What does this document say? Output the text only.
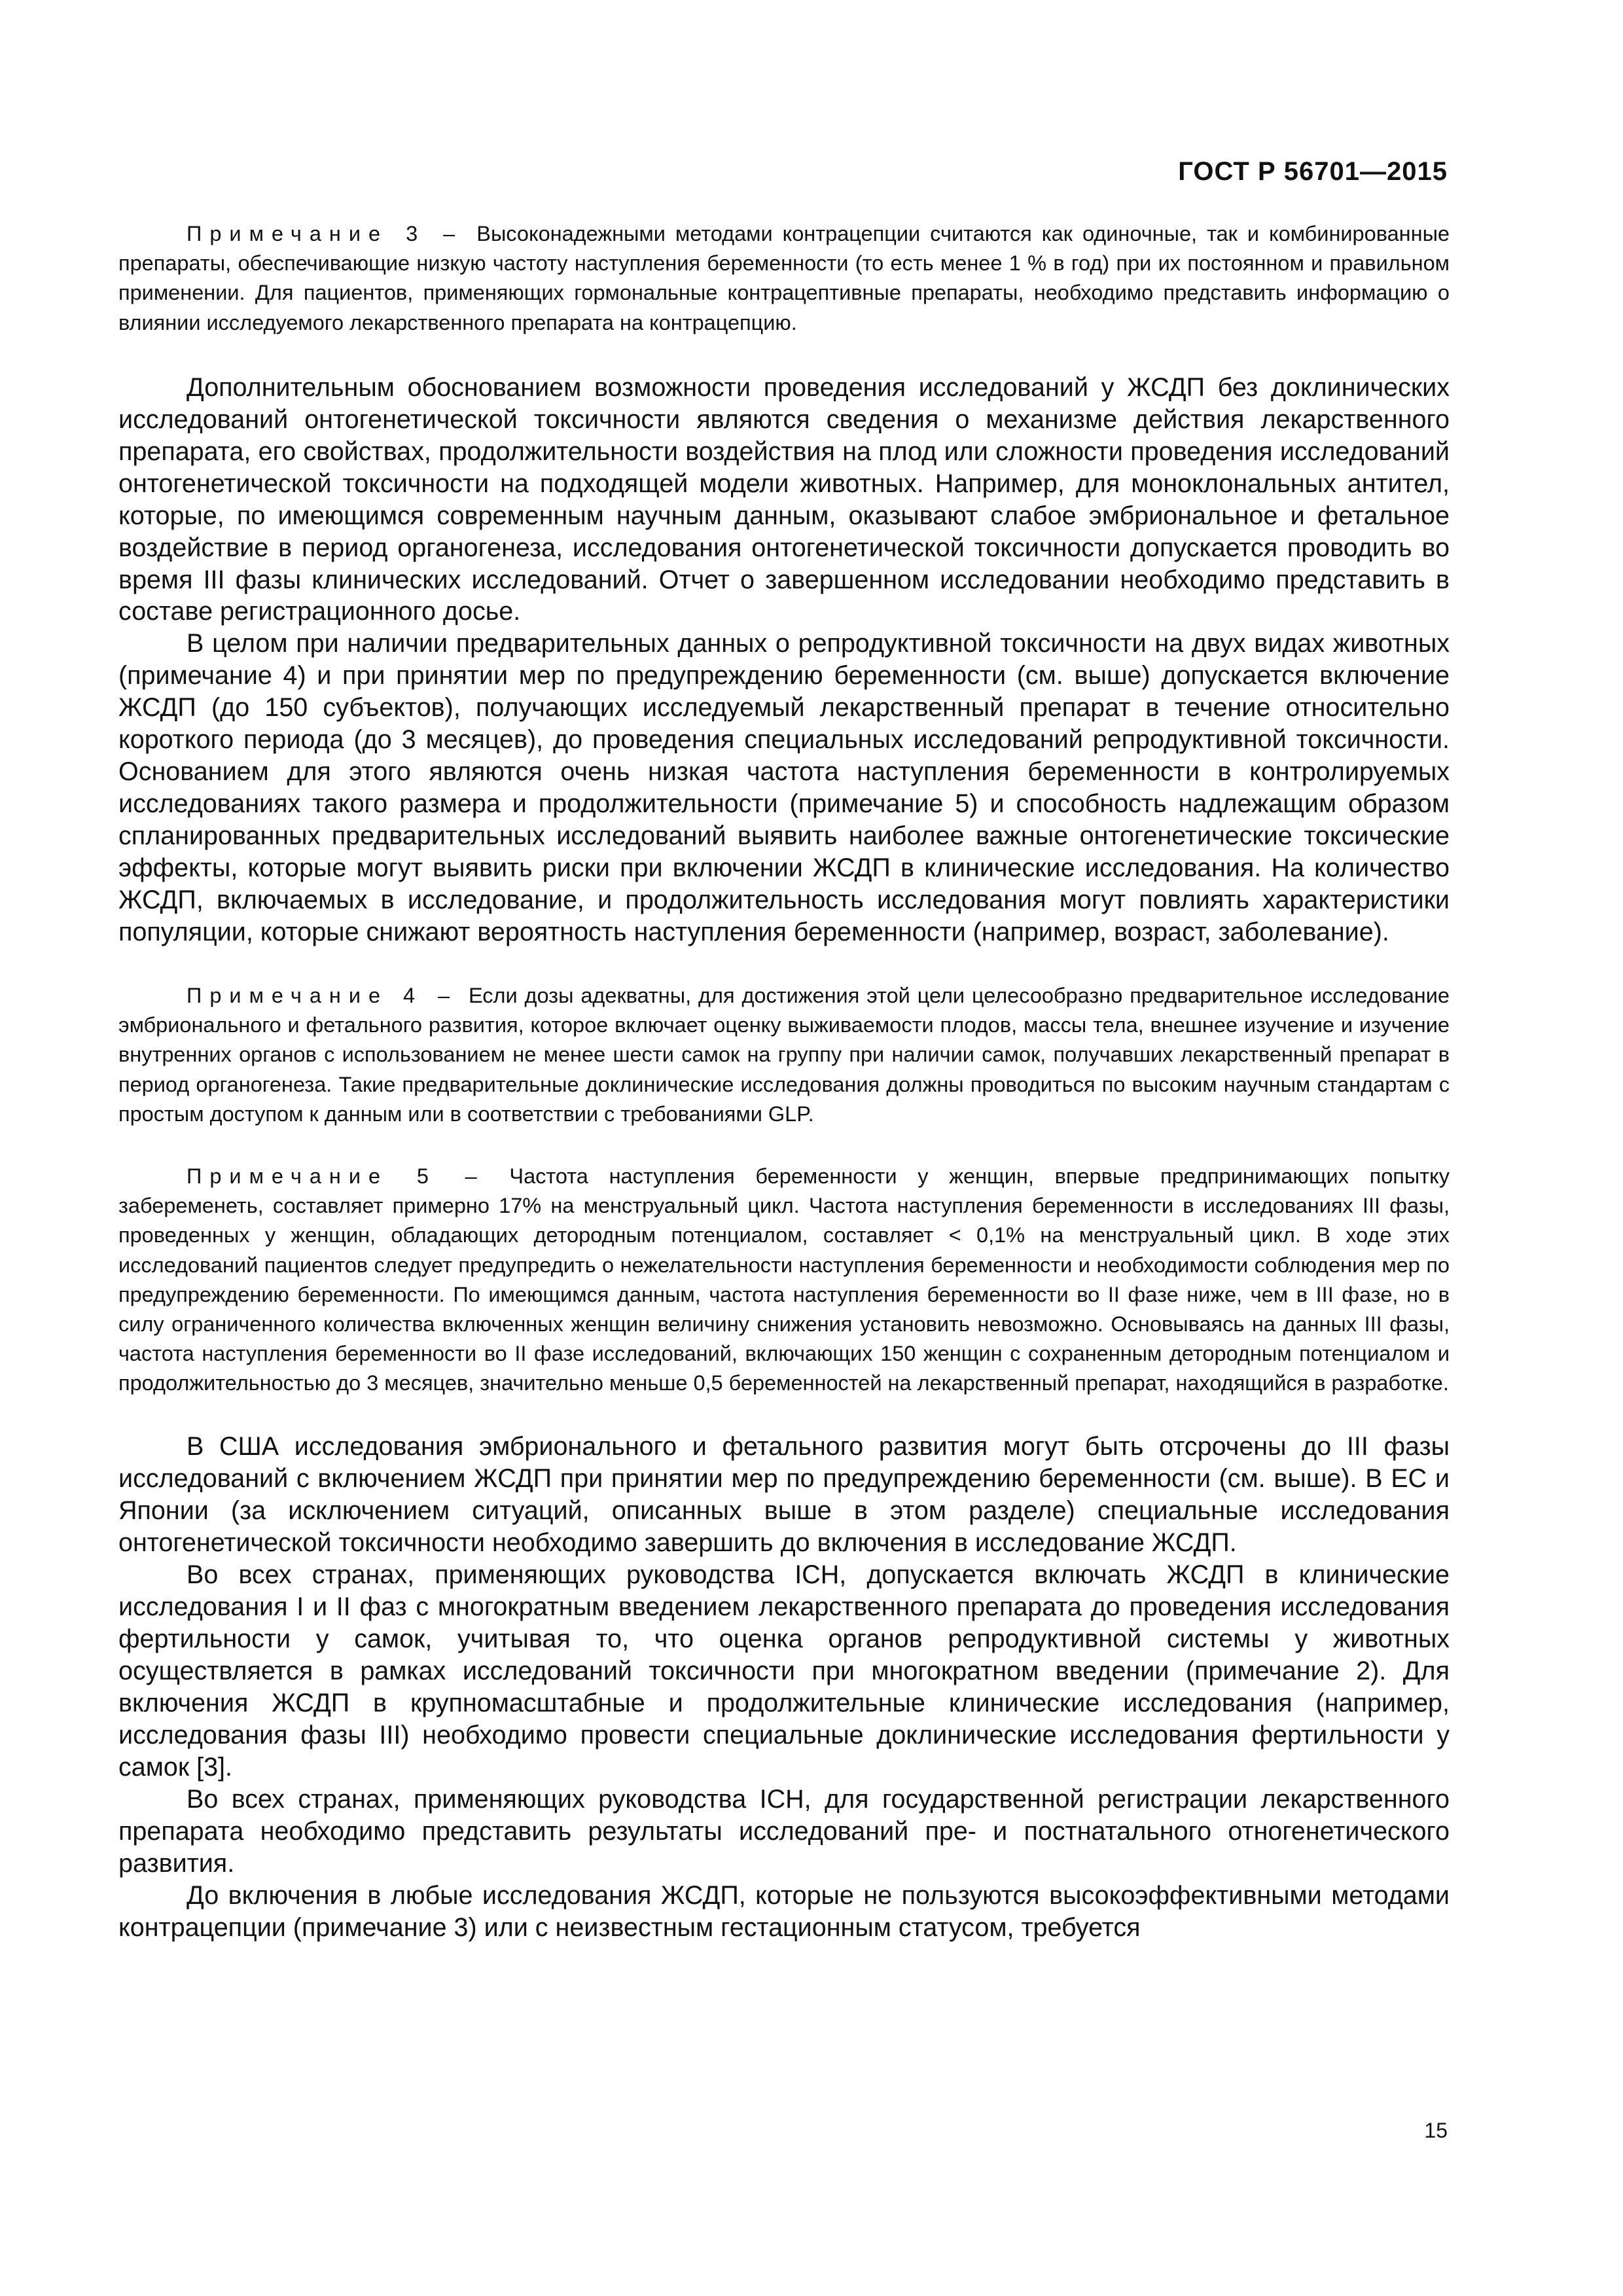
ГОСТ Р 56701—2015

Примечание 3 – Высоконадежными методами контрацепции считаются как одиночные, так и комбинированные препараты, обеспечивающие низкую частоту наступления беременности (то есть менее 1 % в год) при их постоянном и правильном применении. Для пациентов, применяющих гормональные контрацептивные препараты, необходимо представить информацию о влиянии исследуемого лекарственного препарата на контрацепцию.

Дополнительным обоснованием возможности проведения исследований у ЖСДП без доклинических исследований онтогенетической токсичности являются сведения о механизме действия лекарственного препарата, его свойствах, продолжительности воздействия на плод или сложности проведения исследований онтогенетической токсичности на подходящей модели животных. Например, для моноклональных антител, которые, по имеющимся современным научным данным, оказывают слабое эмбриональное и фетальное воздействие в период органогенеза, исследования онтогенетической токсичности допускается проводить во время III фазы клинических исследований. Отчет о завершенном исследовании необходимо представить в составе регистрационного досье.

В целом при наличии предварительных данных о репродуктивной токсичности на двух видах животных (примечание 4) и при принятии мер по предупреждению беременности (см. выше) допускается включение ЖСДП (до 150 субъектов), получающих исследуемый лекарственный препарат в течение относительно короткого периода (до 3 месяцев), до проведения специальных исследований репродуктивной токсичности. Основанием для этого являются очень низкая частота наступления беременности в контролируемых исследованиях такого размера и продолжительности (примечание 5) и способность надлежащим образом спланированных предварительных исследований выявить наиболее важные онтогенетические токсические эффекты, которые могут выявить риски при включении ЖСДП в клинические исследования. На количество ЖСДП, включаемых в исследование, и продолжительность исследования могут повлиять характеристики популяции, которые снижают вероятность наступления беременности (например, возраст, заболевание).

Примечание 4 – Если дозы адекватны, для достижения этой цели целесообразно предварительное исследование эмбрионального и фетального развития, которое включает оценку выживаемости плодов, массы тела, внешнее изучение и изучение внутренних органов с использованием не менее шести самок на группу при наличии самок, получавших лекарственный препарат в период органогенеза. Такие предварительные доклинические исследования должны проводиться по высоким научным стандартам с простым доступом к данным или в соответствии с требованиями GLP.

Примечание 5 – Частота наступления беременности у женщин, впервые предпринимающих попытку забеременеть, составляет примерно 17% на менструальный цикл. Частота наступления беременности в исследованиях III фазы, проведенных у женщин, обладающих детородным потенциалом, составляет < 0,1% на менструальный цикл. В ходе этих исследований пациентов следует предупредить о нежелательности наступления беременности и необходимости соблюдения мер по предупреждению беременности. По имеющимся данным, частота наступления беременности во II фазе ниже, чем в III фазе, но в силу ограниченного количества включенных женщин величину снижения установить невозможно. Основываясь на данных III фазы, частота наступления беременности во II фазе исследований, включающих 150 женщин с сохраненным детородным потенциалом и продолжительностью до 3 месяцев, значительно меньше 0,5 беременностей на лекарственный препарат, находящийся в разработке.

В США исследования эмбрионального и фетального развития могут быть отсрочены до III фазы исследований с включением ЖСДП при принятии мер по предупреждению беременности (см. выше). В ЕС и Японии (за исключением ситуаций, описанных выше в этом разделе) специальные исследования онтогенетической токсичности необходимо завершить до включения в исследование ЖСДП.

Во всех странах, применяющих руководства ICH, допускается включать ЖСДП в клинические исследования I и II фаз с многократным введением лекарственного препарата до проведения исследования фертильности у самок, учитывая то, что оценка органов репродуктивной системы у животных осуществляется в рамках исследований токсичности при многократном введении (примечание 2). Для включения ЖСДП в крупномасштабные и продолжительные клинические исследования (например, исследования фазы III) необходимо провести специальные доклинические исследования фертильности у самок [3].

Во всех странах, применяющих руководства ICH, для государственной регистрации лекарственного препарата необходимо представить результаты исследований пре- и постнатального отногенетического развития.

До включения в любые исследования ЖСДП, которые не пользуются высокоэффективными методами контрацепции (примечание 3) или с неизвестным гестационным статусом, требуется

15
